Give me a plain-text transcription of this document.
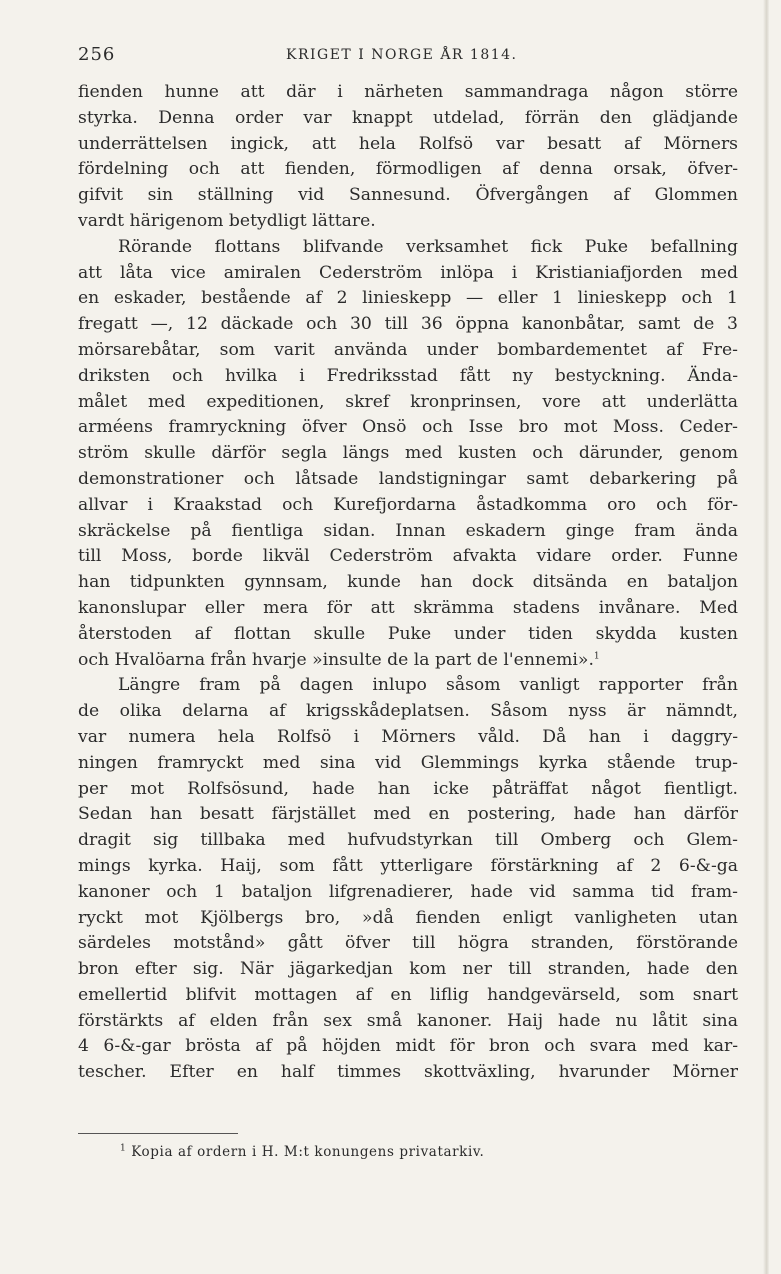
256	KRIGET I NORGE ÅR 1814.
fienden hunne att där i närheten sammandraga någon större
styrka. Denna order var knappt utdelad, förrän den glädjande
underrättelsen ingick, att hela Rolfsö var besatt af Mörners
fördelning och att fienden, förmodligen af denna orsak, öfver-
gifvit sin ställning vid Sannesund. Öfvergången af Glommen
vardt härigenom betydligt lättare.
Rörande flottans blifvande verksamhet fick Puke befallning
att låta vice amiralen Cederström inlöpa i Kristianiafjorden med
en eskader, bestående af 2 linieskepp — eller 1 linieskepp och 1
fregatt —, 12 däckade och 30 till 36 öppna kanonbåtar, samt de 3
mörsarebåtar, som varit använda under bombardementet af Fre-
driksten och hvilka i Fredriksstad fått ny bestyckning. Ända-
målet med expeditionen, skref kronprinsen, vore att underlätta
arméens framryckning öfver Onsö och Isse bro mot Moss. Ceder-
ström skulle därför segla längs med kusten och därunder, genom
demonstrationer och låtsade landstigningar samt debarkering på
allvar i Kraakstad och Kurefjordarna åstadkomma oro och för-
skräckelse på fientliga sidan. Innan eskadern ginge fram ända
till Moss, borde likväl Cederström afvakta vidare order. Funne
han tidpunkten gynnsam, kunde han dock ditsända en bataljon
kanonslupar eller mera för att skrämma stadens invånare. Med
återstoden af flottan skulle Puke under tiden skydda kusten
och Hvalöarna från hvarje »insulte de la part de l'ennemi».$^1$
Längre fram på dagen inlupo såsom vanligt rapporter från
de olika delarna af krigsskådeplatsen. Såsom nyss är nämndt,
var numera hela Rolfsö i Mörners våld. Då han i daggry-
ningen framryckt med sina vid Glemmings kyrka stående trup-
per mot Rolfsösund, hade han icke påträffat något fientligt.
Sedan han besatt färjstället med en postering, hade han därför
dragit sig tillbaka med hufvudstyrkan till Omberg och Glem-
mings kyrka. Haij, som fått ytterligare förstärkning af 2 6-&-ga
kanoner och 1 bataljon lifgrenadierer, hade vid samma tid fram-
ryckt mot Kjölbergs bro, »då fienden enligt vanligheten utan
särdeles motstånd» gått öfver till högra stranden, förstörande
bron efter sig. När jägarkedjan kom ner till stranden, hade den
emellertid blifvit mottagen af en liflig handgevärseld, som snart
förstärkts af elden från sex små kanoner. Haij hade nu låtit sina
4 6-&-gar brösta af på höjden midt för bron och svara med kar-
tescher. Efter en half timmes skottväxling, hvarunder Mörner
$^1$ Kopia af ordern i H. M:t konungens privatarkiv.
